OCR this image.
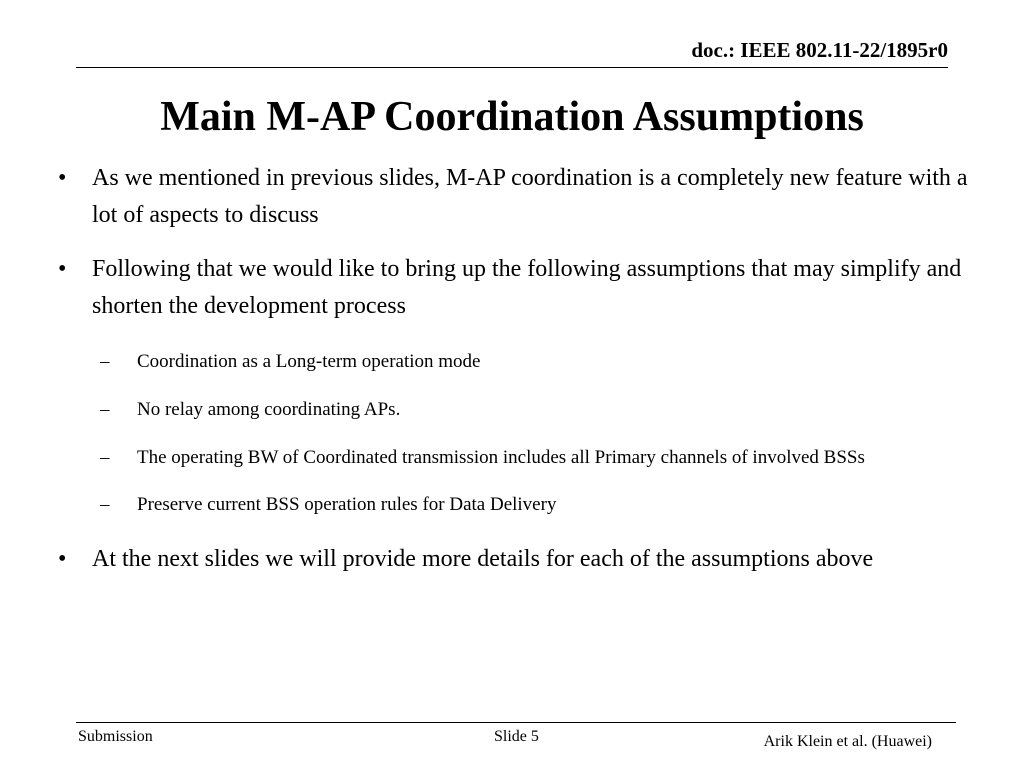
doc.: IEEE 802.11-22/1895r0
Main M-AP Coordination Assumptions
• As we mentioned in previous slides, M-AP coordination is a completely new feature with a lot of aspects to discuss
• Following that we would like to bring up the following assumptions that may simplify and shorten the development process
– Coordination as a Long-term operation mode
– No relay among coordinating APs.
– The operating BW of Coordinated transmission includes all Primary channels of involved BSSs
– Preserve current BSS operation rules for Data Delivery
• At the next slides we will provide more details for each of the assumptions above
Submission	Slide 5	Arik Klein et al. (Huawei)
